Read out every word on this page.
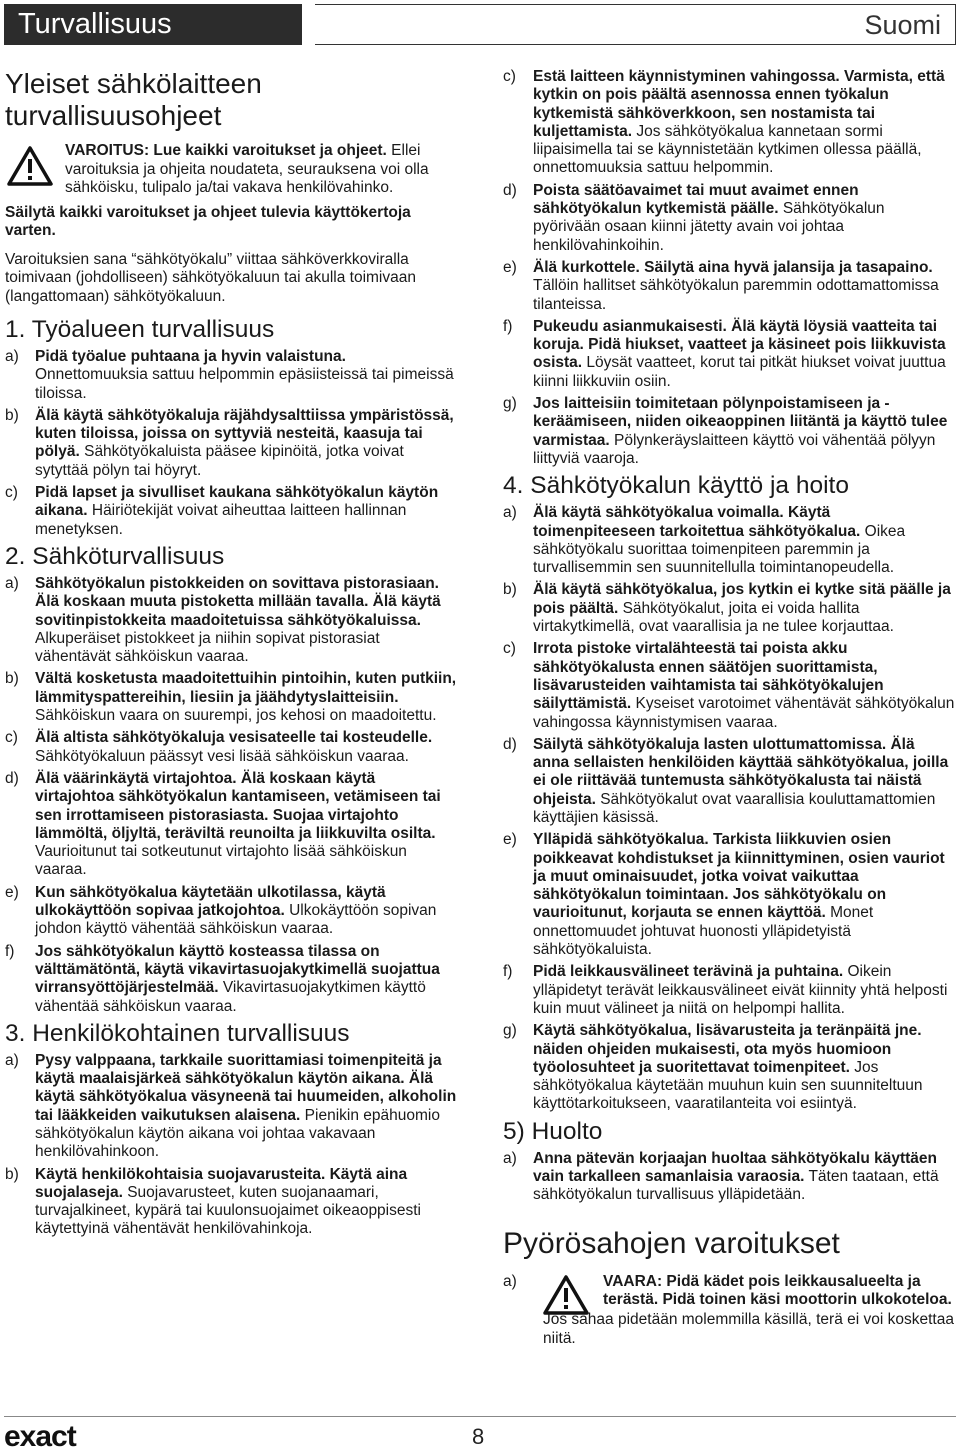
Turvallisuus	Suomi
Yleiset sähkölaitteen turvallisuusohjeet
VAROITUS: Lue kaikki varoitukset ja ohjeet. Ellei varoituksia ja ohjeita noudateta, seurauksena voi olla sähköisku, tulipalo ja/tai vakava henkilövahinko.

Säilytä kaikki varoitukset ja ohjeet tulevia käyttökertoja varten.

Varoituksien sana “sähkötyökalu” viittaa sähköverkkoviralla toimivaan (johdolliseen) sähkötyökaluun tai akulla toimivaan (langattomaan) sähkötyökaluun.

1. Työalueen turvallisuus
a) Pidä työalue puhtaana ja hyvin valaistuna. Onnettomuuksia sattuu helpommin epäsiisteissä tai pimeissä tiloissa.
b) Älä käytä sähkötyökaluja räjähdysalttiissa ympäristössä, kuten tiloissa, joissa on syttyviä nesteitä, kaasuja tai pölyä. Sähkötyökaluista pääsee kipinöitä, jotka voivat sytyttää pölyn tai höyryt.
c) Pidä lapset ja sivulliset kaukana sähkötyökalun käytön aikana. Häiriötekijät voivat aiheuttaa laitteen hallinnan menetyksen.
2. Sähköturvallisuus
a) Sähkötyökalun pistokkeiden on sovittava pistorasiaan. Älä koskaan muuta pistoketta millään tavalla. Älä käytä sovitinpistokkeita maadoitetuissa sähkötyökaluissa. Alkuperäiset pistokkeet ja niihin sopivat pistorasiat vähentävät sähköiskun vaaraa.
b) Vältä kosketusta maadoitettuihin pintoihin, kuten putkiin, lämmityspattereihin, liesiin ja jäähdytyslaitteisiin. Sähköiskun vaara on suurempi, jos kehosi on maadoitettu.
c) Älä altista sähkötyökaluja vesisateelle tai kosteudelle. Sähkötyökaluun päässyt vesi lisää sähköiskun vaaraa.
d) Älä väärinkäytä virtajohtoa. Älä koskaan käytä virtajohtoa sähkötyökalun kantamiseen, vetämiseen tai sen irrottamiseen pistorasiasta. Suojaa virtajohto lämmöltä, öljyltä, teräviltä reunoilta ja liikkuvilta osilta. Vaurioitunut tai sotkeutunut virtajohto lisää sähköiskun vaaraa.
e) Kun sähkötyökalua käytetään ulkotilassa, käytä ulkokäyttöön sopivaa jatkojohtoa. Ulkokäyttöön sopivan johdon käyttö vähentää sähköiskun vaaraa.
f) Jos sähkötyökalun käyttö kosteassa tilassa on välttämätöntä, käytä vikavirtasuojakytkimellä suojattua virransyöttöjärjestelmää. Vikavirtasuojakytkimen käyttö vähentää sähköiskun vaaraa.
3. Henkilökohtainen turvallisuus
a) Pysy valppaana, tarkkaile suorittamiasi toimenpiteitä ja käytä maalaisjärkeä sähkötyökalun käytön aikana. Älä käytä sähkötyökalua väsyneenä tai huumeiden, alkoholin tai lääkkeiden vaikutuksen alaisena. Pienikin epähuomio sähkötyökalun käytön aikana voi johtaa vakavaan henkilövahinkoon.
b) Käytä henkilökohtaisia suojavarusteita. Käytä aina suojalaseja. Suojavarusteet, kuten suojanaamari, turvajalkineet, kypärä tai kuulonsuojaimet oikeaoppisesti käytettyinä vähentävät henkilövahinkoja.
c) Estä laitteen käynnistyminen vahingossa. Varmista, että kytkin on pois päältä asennossa ennen työkalun kytkemistä sähköverkkoon, sen nostamista tai kuljettamista. Jos sähkötyökalua kannetaan sormi liipaisimella tai se käynnistetään kytkimen ollessa päällä, onnettomuuksia sattuu helpommin.
d) Poista säätöavaimet tai muut avaimet ennen sähkötyökalun kytkemistä päälle. Sähkötyökalun pyörivään osaan kiinni jätetty avain voi johtaa henkilövahinkoihin.
e) Älä kurkottele. Säilytä aina hyvä jalansija ja tasapaino. Tällöin hallitset sähkötyökalun paremmin odottamattomissa tilanteissa.
f) Pukeudu asianmukaisesti. Älä käytä löysiä vaatteita tai koruja. Pidä hiukset, vaatteet ja käsineet pois liikkuvista osista. Löysät vaatteet, korut tai pitkät hiukset voivat juuttua kiinni liikkuviin osiin.
g) Jos laitteisiin toimitetaan pölynpoistamiseen ja -keräämiseen, niiden oikeaoppinen liitäntä ja käyttö tulee varmistaa. Pölynkeräyslaitteen käyttö voi vähentää pölyyn liittyviä vaaroja.
4. Sähkötyökalun käyttö ja hoito
a) Älä käytä sähkötyökalua voimalla. Käytä toimenpiteeseen tarkoitettua sähkötyökalua. Oikea sähkötyökalu suorittaa toimenpiteen paremmin ja turvallisemmin sen suunnitellulla toimintanopeudella.
b) Älä käytä sähkötyökalua, jos kytkin ei kytke sitä päälle ja pois päältä. Sähkötyökalut, joita ei voida hallita virtakytkimellä, ovat vaarallisia ja ne tulee korjauttaa.
c) Irrota pistoke virtalähteestä tai poista akku sähkötyökalusta ennen säätöjen suorittamista, lisävarusteiden vaihtamista tai sähkötyökalujen säilyttämistä. Kyseiset varotoimet vähentävät sähkötyökalun vahingossa käynnistymisen vaaraa.
d) Säilytä sähkötyökaluja lasten ulottumattomissa. Älä anna sellaisten henkilöiden käyttää sähkötyökalua, joilla ei ole riittävää tuntemusta sähkötyökalusta tai näistä ohjeista. Sähkötyökalut ovat vaarallisia kouluttamattomien käyttäjien käsissä.
e) Ylläpidä sähkötyökalua. Tarkista liikkuvien osien poikkeavat kohdistukset ja kiinnittyminen, osien vauriot ja muut ominaisuudet, jotka voivat vaikuttaa sähkötyökalun toimintaan. Jos sähkötyökalu on vaurioitunut, korjauta se ennen käyttöä. Monet onnettomuudet johtuvat huonosti ylläpidetyistä sähkötyökaluista.
f) Pidä leikkausvälineet terävinä ja puhtaina. Oikein ylläpidetyt terävät leikkausvälineet eivät kiinnity yhtä helposti kuin muut välineet ja niitä on helpompi hallita.
g) Käytä sähkötyökalua, lisävarusteita ja teränpäitä jne. näiden ohjeiden mukaisesti, ota myös huomioon työolosuhteet ja suoritettavat toimenpiteet. Jos sähkötyökalua käytetään muuhun kuin sen suunniteltuun käyttötarkoitukseen, vaaratilanteita voi esiintyä.
5) Huolto
a) Anna pätevän korjaajan huoltaa sähkötyökalu käyttäen vain tarkalleen samanlaisia varaosia. Täten taataan, että sähkötyökalun turvallisuus ylläpidetään.
Pyörösahojen varoitukset
a)	VAARA: Pidä kädet pois leikkausalueelta ja terästä. Pidä toinen käsi moottorin ulkokoteloa.
Jos sahaa pidetään molemmilla käsillä, terä ei voi koskettaa niitä.
exact	8
